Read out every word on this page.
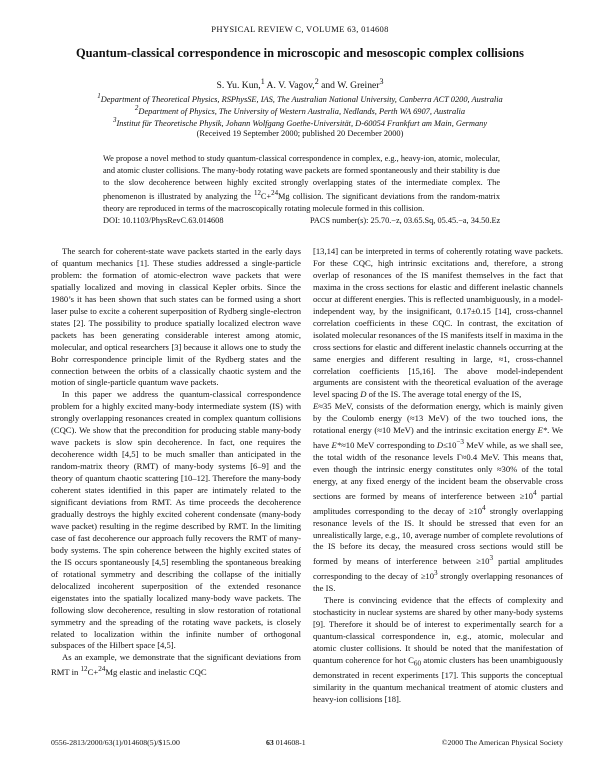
PHYSICAL REVIEW C, VOLUME 63, 014608
Quantum-classical correspondence in microscopic and mesoscopic complex collisions
S. Yu. Kun,$^1$ A. V. Vagov,$^2$ and W. Greiner$^3$
$^1$Department of Theoretical Physics, RSPhysSE, IAS, The Australian National University, Canberra ACT 0200, Australia
$^2$Department of Physics, The University of Western Australia, Nedlands, Perth WA 6907, Australia
$^3$Institut für Theoretische Physik, Johann Wolfgang Goethe-Universität, D-60054 Frankfurt am Main, Germany
(Received 19 September 2000; published 20 December 2000)
We propose a novel method to study quantum-classical correspondence in complex, e.g., heavy-ion, atomic, molecular, and atomic cluster collisions. The many-body rotating wave packets are formed spontaneously and their stability is due to the slow decoherence between highly excited strongly overlapping states of the intermediate complex. The phenomenon is illustrated by analyzing the $^{12}$C+$^{24}$Mg collision. The significant deviations from the random-matrix theory are reproduced in terms of the macroscopically rotating molecule formed in this collision.
DOI: 10.1103/PhysRevC.63.014608	PACS number(s): 25.70.−z, 03.65.Sq, 05.45.−a, 34.50.Ez

The search for coherent-state wave packets started in the early days of quantum mechanics [1]. These studies addressed a single-particle problem: the formation of atomic-electron wave packets that were spatially localized and moving in classical Kepler orbits. Since the 1980’s it has been shown that such states can be formed using a short laser pulse to excite a coherent superposition of Rydberg single-electron states [2]. The possibility to produce spatially localized electron wave packets has been generating considerable interest among atomic, molecular, and optical researchers [3] because it allows one to study the Bohr correspondence principle limit of the Rydberg states and the connection between the orbits of a classically chaotic system and the motion of single-particle quantum wave packets.

In this paper we address the quantum-classical correspondence problem for a highly excited many-body intermediate system (IS) with strongly overlapping resonances created in complex quantum collisions (CQC). We show that the precondition for producing stable many-body wave packets is slow spin decoherence. In fact, one requires the decoherence width [4,5] to be much smaller than anticipated in the random-matrix theory (RMT) of many-body systems [6–9] and the theory of quantum chaotic scattering [10–12]. Therefore the many-body coherent states identified in this paper are intimately related to the significant deviations from RMT. As time proceeds the decoherence gradually destroys the highly excited coherent condensate (many-body wave packet) resulting in the regime described by RMT. In the limiting case of fast decoherence our approach fully recovers the RMT of many-body systems. The spin coherence between the highly excited states of the IS occurs spontaneously [4,5] resembling the spontaneous breaking of rotational symmetry and describing the collapse of the initially delocalized incoherent superposition of the extended resonance eigenstates into the spatially localized many-body wave packets. The following slow decoherence, resulting in slow restoration of rotational symmetry and the spreading of the rotating wave packets, is closely related to localization within the infinite number of orthogonal subspaces of the Hilbert space [4,5].

As an example, we demonstrate that the significant deviations from RMT in $^{12}$C+$^{24}$Mg elastic and inelastic CQC

[13,14] can be interpreted in terms of coherently rotating wave packets. For these CQC, high intrinsic excitations and, therefore, a strong overlap of resonances of the IS manifest themselves in the fact that maxima in the cross sections for elastic and different inelastic channels occur at different energies. This is reflected unambiguously, in a model-independent way, by the insignificant, 0.17±0.15 [14], cross-channel correlation coefficients in these CQC. In contrast, the excitation of isolated molecular resonances of the IS manifests itself in maxima in the cross sections for elastic and different inelastic channels occurring at the same energies and different resulting in large, ≈1, cross-channel correlation coefficients [15,16]. The above model-independent arguments are consistent with the theoretical evaluation of the average level spacing D of the IS. The average total energy of the IS,
E≈35 MeV, consists of the deformation energy, which is mainly given by the Coulomb energy (≈13 MeV) of the two touched ions, the rotational energy (≈10 MeV) and the intrinsic excitation energy E*. We have E*≈10 MeV corresponding to $D\le 10^{-3}$ MeV while, as we shall see, the total width of the resonance levels Γ≈0.4 MeV. This means that, even though the intrinsic energy constitutes only ≈30% of the total energy, at any fixed energy of the incident beam the observable cross sections are formed by means of interference between $\ge 10^4$ partial amplitudes corresponding to the decay of $\ge 10^4$ strongly overlapping resonance levels of the IS. It should be stressed that even for an unrealistically large, e.g., 10, average number of complete revolutions of the IS before its decay, the measured cross sections would still be formed by means of interference between $\ge 10^3$ partial amplitudes corresponding to the decay of $\ge 10^3$ strongly overlapping resonances of the IS.

There is convincing evidence that the effects of complexity and stochasticity in nuclear systems are shared by other many-body systems [9]. Therefore it should be of interest to experimentally search for a quantum-classical correspondence in, e.g., atomic, molecular and atomic cluster collisions. It should be noted that the manifestation of quantum coherence for hot $C_{60}$ atomic clusters has been unambiguously demonstrated in recent experiments [17]. This supports the conceptual similarity in the quantum mechanical treatment of atomic clusters and heavy-ion collisions [18].

0556-2813/2000/63(1)/014608(5)/$15.00	63 014608-1	©2000 The American Physical Society
